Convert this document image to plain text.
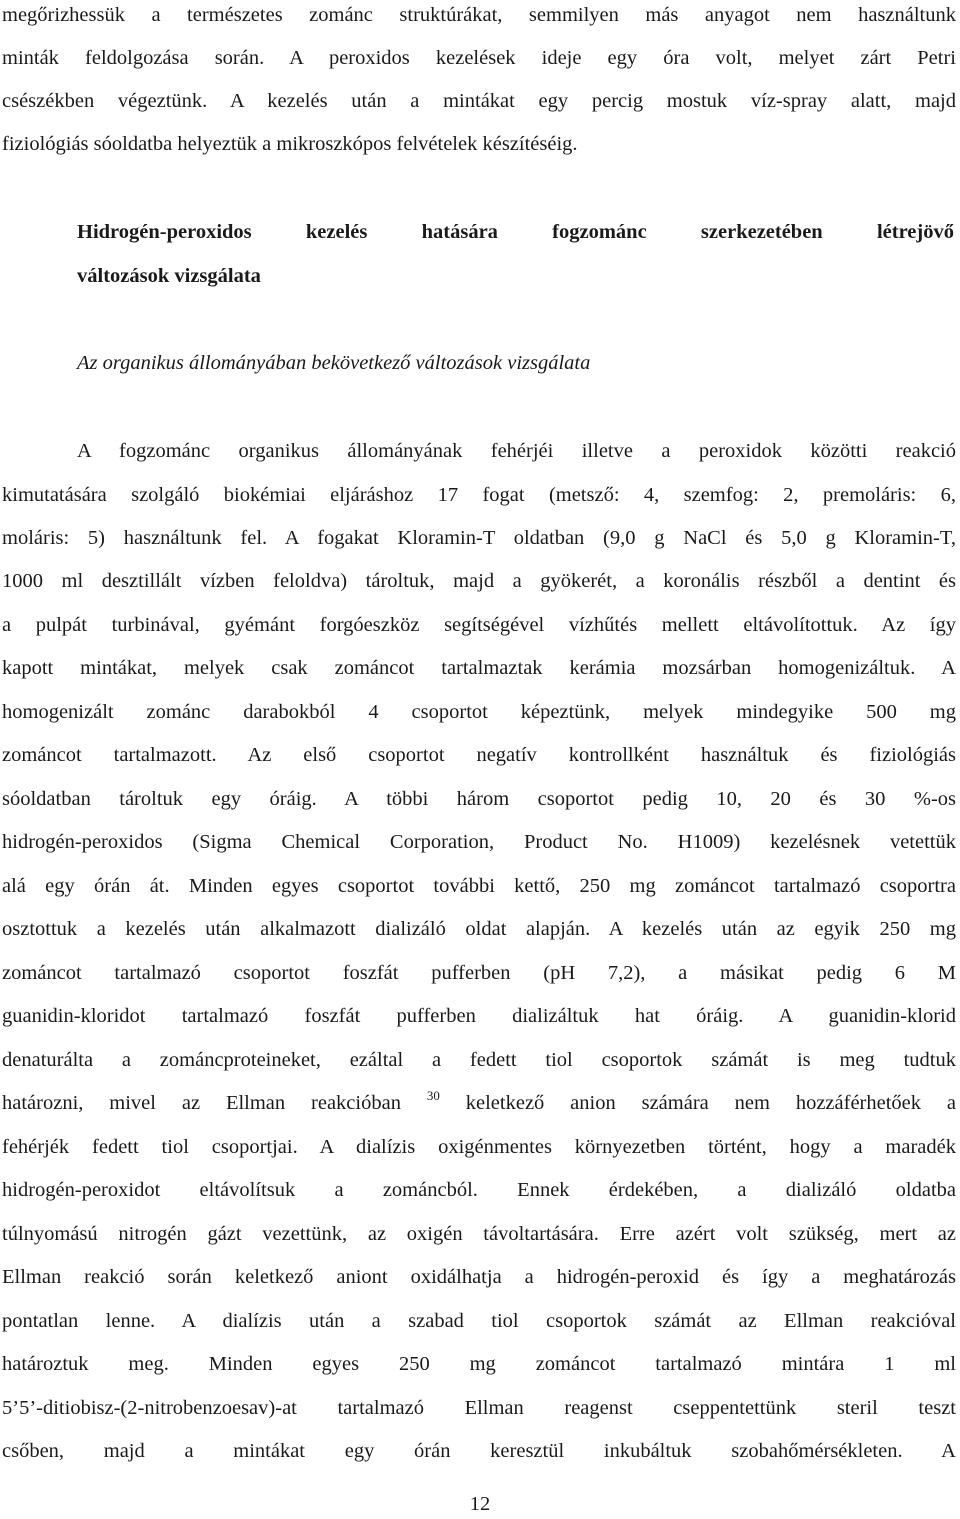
megőrizhessük a természetes zománc struktúrákat, semmilyen más anyagot nem használtunk
minták feldolgozása során. A peroxidos kezelések ideje egy óra volt, melyet zárt Petri
csészékben végeztünk. A kezelés után a mintákat egy percig mostuk víz-spray alatt, majd
fiziológiás sóoldatba helyeztük a mikroszkópos felvételek készítéséig.
Hidrogén-peroxidos kezelés hatására fogzománc szerkezetében létrejövő
változások vizsgálata
Az organikus állományában bekövetkező változások vizsgálata
A fogzománc organikus állományának fehérjéi illetve a peroxidok közötti reakció
kimutatására szolgáló biokémiai eljáráshoz 17 fogat (metsző: 4, szemfog: 2, premoláris: 6,
moláris: 5) használtunk fel. A fogakat Kloramin-T oldatban (9,0 g NaCl és 5,0 g Kloramin-T,
1000 ml desztillált vízben feloldva) tároltuk, majd a gyökerét, a koronális részből a dentint és
a pulpát turbinával, gyémánt forgóeszköz segítségével vízhűtés mellett eltávolítottuk. Az így
kapott mintákat, melyek csak zománcot tartalmaztak kerámia mozsárban homogenizáltuk. A
homogenizált zománc darabokból 4 csoportot képeztünk, melyek mindegyike 500 mg
zománcot tartalmazott. Az első csoportot negatív kontrollként használtuk és fiziológiás
sóoldatban tároltuk egy óráig. A többi három csoportot pedig 10, 20 és 30 %-os
hidrogén-peroxidos (Sigma Chemical Corporation, Product No. H1009) kezelésnek vetettük
alá egy órán át. Minden egyes csoportot további kettő, 250 mg zománcot tartalmazó csoportra
osztottuk a kezelés után alkalmazott dializáló oldat alapján. A kezelés után az egyik 250 mg
zománcot tartalmazó csoportot foszfát pufferben (pH 7,2), a másikat pedig 6 M
guanidin-kloridot tartalmazó foszfát pufferben dializáltuk hat óráig. A guanidin-klorid
denaturálta a zománcproteineket, ezáltal a fedett tiol csoportok számát is meg tudtuk
határozni, mivel az Ellman reakcióban $^{30}$ keletkező anion számára nem hozzáférhetőek a
fehérjék fedett tiol csoportjai. A dialízis oxigénmentes környezetben történt, hogy a maradék
hidrogén-peroxidot eltávolítsuk a zománcból. Ennek érdekében, a dializáló oldatba
túlnyomású nitrogén gázt vezettünk, az oxigén távoltartására. Erre azért volt szükség, mert az
Ellman reakció során keletkező aniont oxidálhatja a hidrogén-peroxid és így a meghatározás
pontatlan lenne. A dialízis után a szabad tiol csoportok számát az Ellman reakcióval
határoztuk meg. Minden egyes 250 mg zománcot tartalmazó mintára 1 ml
5’5’-ditiobisz-(2-nitrobenzoesav)-at tartalmazó Ellman reagenst cseppentettünk steril teszt
csőben, majd a mintákat egy órán keresztül inkubáltuk szobahőmérsékleten. A
12
